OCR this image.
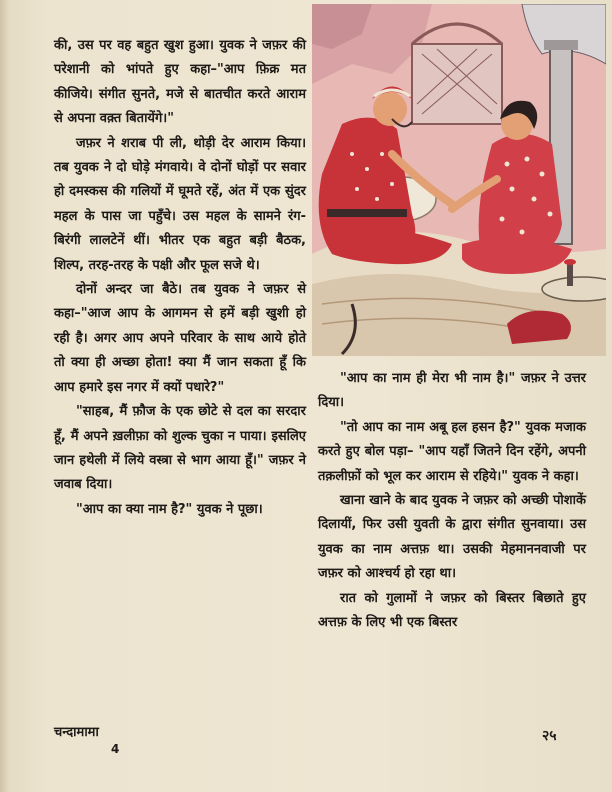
की, उस पर वह बहुत खुश हुआ। युवक ने जफ़र की परेशानी को भांपते हुए कहा–"आप फ़िक्र मत कीजिये। संगीत सुनते, मजे से बातचीत करते आराम से अपना वक़्त बितायेंगे।"

जफ़र ने शराब पी ली, थोड़ी देर आराम किया। तब युवक ने दो घोड़े मंगवाये। वे दोनों घोड़ों पर सवार हो दमस्कस की गलियों में घूमते रहें, अंत में एक सुंदर महल के पास जा पहुँचे। उस महल के सामने रंग-बिरंगी लालटेनें थीं। भीतर एक बहुत बड़ी बैठक, शिल्प, तरह-तरह के पक्षी और फूल सजे थे।

दोनों अन्दर जा बैठे। तब युवक ने जफ़र से कहा–"आज आप के आगमन से हमें बड़ी खुशी हो रही है। अगर आप अपने परिवार के साथ आये होते तो क्या ही अच्छा होता! क्या मैं जान सकता हूँ कि आप हमारे इस नगर में क्यों पधारे?"

"साहब, मैं फ़ौज के एक छोटे से दल का सरदार हूँ, मैं अपने ख़लीफ़ा को शुल्क चुका न पाया। इसलिए जान हथेली में लिये वस्त्रा से भाग आया हूँ।" जफ़र ने जवाब दिया।

"आप का क्या नाम है?" युवक ने पूछा।

"आप का नाम ही मेरा भी नाम है।" जफ़र ने उत्तर दिया।

"तो आप का नाम अबू हल हसन है?" युवक मजाक करते हुए बोल पड़ा– "आप यहाँ जितने दिन रहेंगे, अपनी तक़लीफ़ों को भूल कर आराम से रहिये।" युवक ने कहा।

खाना खाने के बाद युवक ने जफ़र को अच्छी पोशाकें दिलायीं, फिर उसी युवती के द्वारा संगीत सुनवाया। उस युवक का नाम अत्तफ़ था। उसकी मेहमाननवाजी पर जफ़र को आश्चर्य हो रहा था।

रात को गुलामों ने जफ़र को बिस्तर बिछाते हुए अत्तफ़ के लिए भी एक बिस्तर

चन्दामामा
4
२५
